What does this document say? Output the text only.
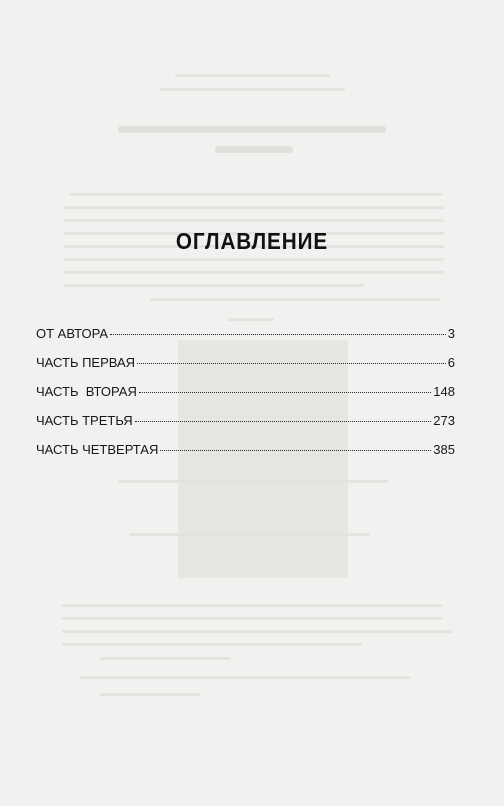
ОГЛАВЛЕНИЕ
ОТ АВТОРА	3
ЧАСТЬ ПЕРВАЯ	6
ЧАСТЬ  ВТОРАЯ	148
ЧАСТЬ ТРЕТЬЯ	273
ЧАСТЬ ЧЕТВЕРТАЯ	385
